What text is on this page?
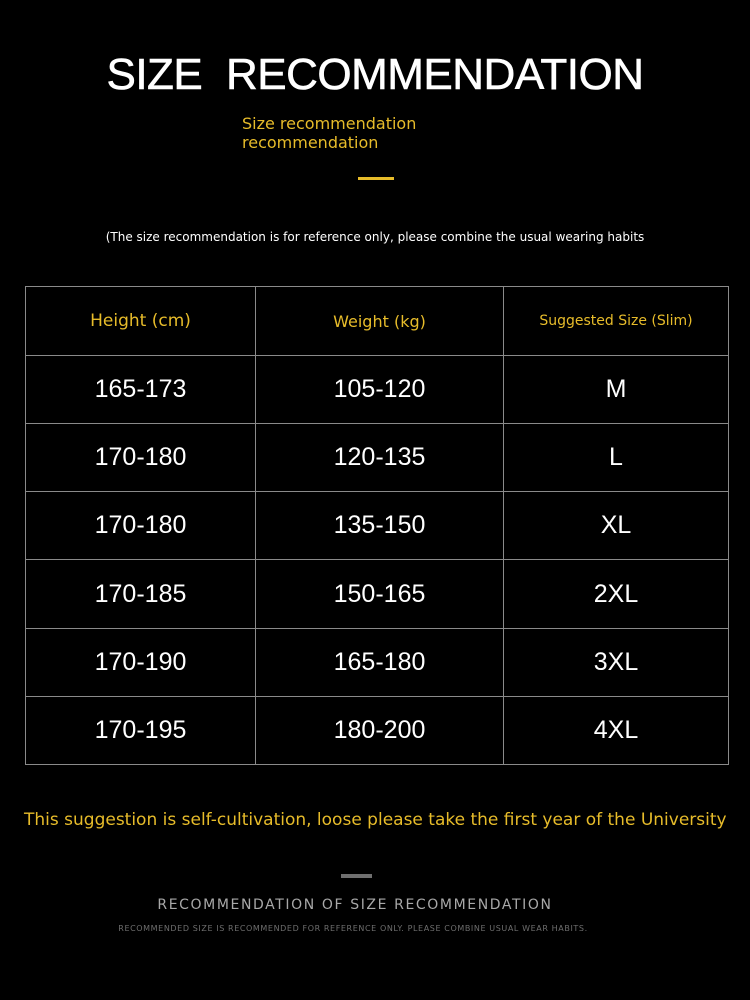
SIZE RECOMMENDATION
Size recommendation
recommendation
(The size recommendation is for reference only, please combine the usual wearing habits
Height (cm)	Weight (kg)	Suggested Size (Slim)
165-173	105-120	M
170-180	120-135	L
170-180	135-150	XL
170-185	150-165	2XL
170-190	165-180	3XL
170-195	180-200	4XL
This suggestion is self-cultivation, loose please take the first year of the University
RECOMMENDATION OF SIZE RECOMMENDATION
RECOMMENDED SIZE IS RECOMMENDED FOR REFERENCE ONLY. PLEASE COMBINE USUAL WEAR HABITS.
